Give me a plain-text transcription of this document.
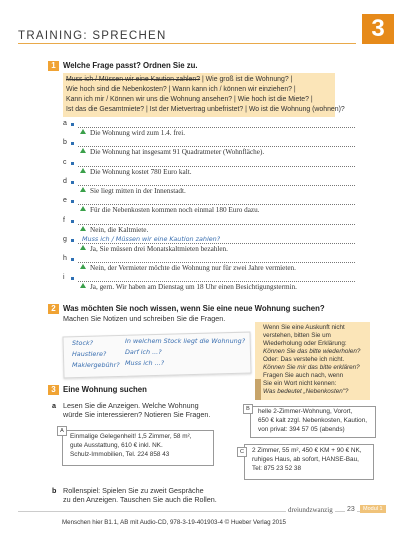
TRAINING: SPRECHEN	3
1 Welche Frage passt? Ordnen Sie zu.
Muss ich / Müssen wir eine Kaution zahlen? | Wie groß ist die Wohnung? |
Wie hoch sind die Nebenkosten? | Wann kann ich / können wir einziehen? |
Kann ich mir / Können wir uns die Wohnung ansehen? | Wie hoch ist die Miete? |
Ist das die Gesamtmiete? | Ist der Mietvertrag unbefristet? | Wo ist die Wohnung (wohnen)?
a
Die Wohnung wird zum 1.4. frei.
b
Die Wohnung hat insgesamt 91 Quadratmeter (Wohnfläche).
c
Die Wohnung kostet 780 Euro kalt.
d
Sie liegt mitten in der Innenstadt.
e
Für die Nebenkosten kommen noch einmal 180 Euro dazu.
f
Nein, die Kaltmiete.
g Muss ich / Müssen wir eine Kaution zahlen?
Ja, Sie müssen drei Monatskaltmieten bezahlen.
h
Nein, der Vermieter möchte die Wohnung nur für zwei Jahre vermieten.
i
Ja, gern. Wir haben am Dienstag um 18 Uhr einen Besichtigungstermin.
2 Was möchten Sie noch wissen, wenn Sie eine neue Wohnung suchen?
Machen Sie Notizen und schreiben Sie die Fragen.
Stock?	In welchem Stock liegt die Wohnung?
Haustiere?	Darf ich ...?
Maklergebühr? Muss ich ...?
Wenn Sie eine Auskunft nicht
verstehen, bitten Sie um
Wiederholung oder Erklärung:
Können Sie das bitte wiederholen?
Oder: Das verstehe ich nicht.
Können Sie mir das bitte erklären?
Fragen Sie auch nach, wenn
Sie ein Wort nicht kennen:
Was bedeutet „Nebenkosten"?
3 Eine Wohnung suchen
a Lesen Sie die Anzeigen. Welche Wohnung
würde Sie interessieren? Notieren Sie Fragen.
A
Einmalige Gelegenheit! 1,5 Zimmer, 58 m²,
gute Ausstattung, 610 € inkl. NK.
Schulz-Immobilien, Tel. 224 858 43
B	helle 2-Zimmer-Wohnung, Vorort,
650 € kalt zzgl. Nebenkosten, Kaution,
von privat: 394 57 05 (abends)
C	2 Zimmer, 55 m², 450 € KM + 90 € NK,
ruhiges Haus, ab sofort, HANSE-Bau,
Tel: 875 23 52 38
b Rollenspiel: Spielen Sie zu zweit Gespräche
zu den Anzeigen. Tauschen Sie auch die Rollen.
dreiundzwanzig 23	Modul 1
Menschen hier B1.1, AB mit Audio-CD, 978-3-19-401903-4 © Hueber Verlag 2015
